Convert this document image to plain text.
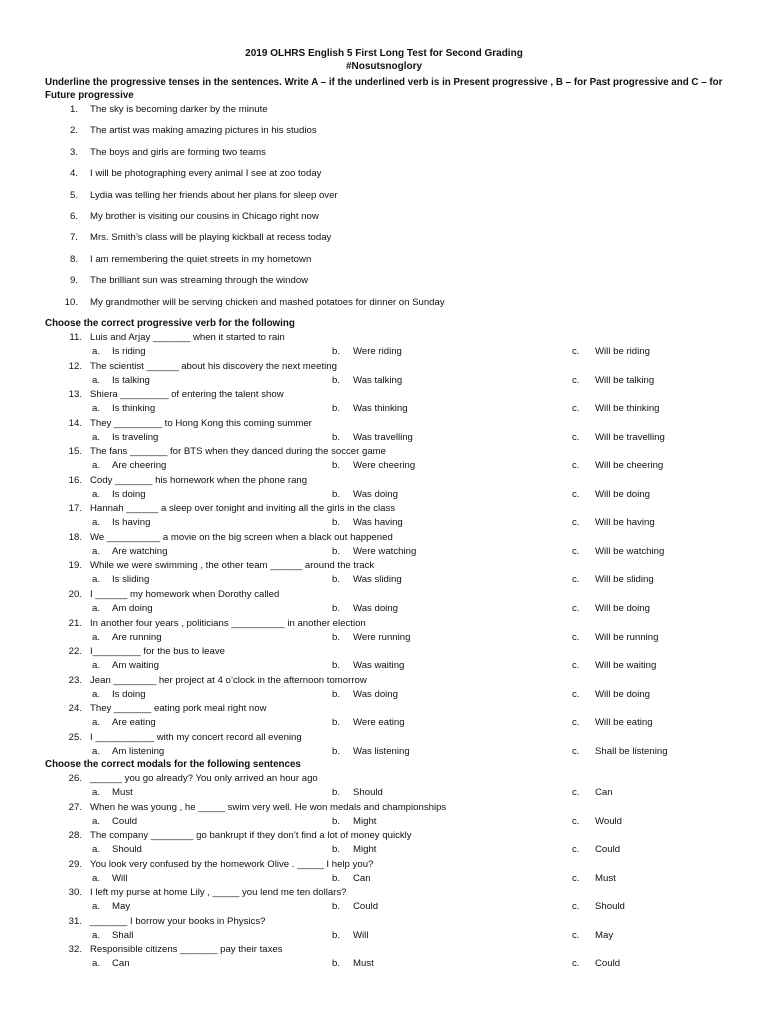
2019 OLHRS English 5 First Long Test for Second Grading
#Nosutsnoglory
Underline the progressive tenses in the sentences. Write A – if the underlined verb is in Present progressive , B – for Past progressive and C – for
Future progressive
1. The sky is becoming darker by the minute
2. The artist was making amazing pictures in his studios
3. The boys and girls are forming two teams
4. I will be photographing every animal I see at zoo today
5. Lydia was telling her friends about her plans for sleep over
6. My brother is visiting our cousins in Chicago right now
7. Mrs. Smith’s class will be playing kickball at recess today
8. I am remembering the quiet streets in my hometown
9. The brilliant sun was streaming through the window
10. My grandmother will be serving chicken and mashed potatoes for dinner on Sunday
Choose the correct progressive verb for the following
11. Luis and Arjay _______ when it started to rain
a. Is riding	b. Were riding	c. Will be riding
12. The scientist ______ about his discovery the next meeting
a. Is talking	b. Was talking	c. Will be talking
13. Shiera _________ of entering the talent show
a. Is thinking	b. Was thinking	c. Will be thinking
14. They _________ to Hong Kong this coming summer
a. Is traveling	b. Was travelling	c. Will be travelling
15. The fans _______ for BTS when they danced during the soccer game
a. Are cheering	b. Were cheering	c. Will be cheering
16. Cody _______ his homework when the phone rang
a. Is doing	b. Was doing	c. Will be doing
17. Hannah ______ a sleep over tonight and inviting all the girls in the class
a. Is having	b. Was having	c. Will be having
18. We __________ a movie on the big screen when a black out happened
a. Are watching	b. Were watching	c. Will be watching
19. While we were swimming , the other team ______ around the track
a. Is sliding	b. Was sliding	c. Will be sliding
20. I ______ my homework when Dorothy called
a. Am doing	b. Was doing	c. Will be doing
21. In another four years , politicians __________ in another election
a. Are running	b. Were running	c. Will be running
22. I_________ for the bus to leave
a. Am waiting	b. Was waiting	c. Will be waiting
23. Jean ________ her project at 4 o’clock in the afternoon tomorrow
a. Is doing	b. Was doing	c. Will be doing
24. They _______ eating pork meal right now
a. Are eating	b. Were eating	c. Will be eating
25. I ___________ with my concert record all evening
a. Am listening	b. Was listening	c. Shall be listening
Choose the correct modals for the following sentences
26. ______ you go already? You only arrived an hour ago
a. Must	b. Should	c. Can
27. When he was young , he _____ swim very well. He won medals and championships
a. Could	b. Might	c. Would
28. The company ________ go bankrupt if they don’t find a lot of money quickly
a. Should	b. Might	c. Could
29. You look very confused by the homework Olive . _____ I help you?
a. Will	b. Can	c. Must
30. I left my purse at home Lily , _____ you lend me ten dollars?
a. May	b. Could	c. Should
31. _______ I borrow your books in Physics?
a. Shall	b. Will	c. May
32. Responsible citizens _______ pay their taxes
a. Can	b. Must	c. Could
